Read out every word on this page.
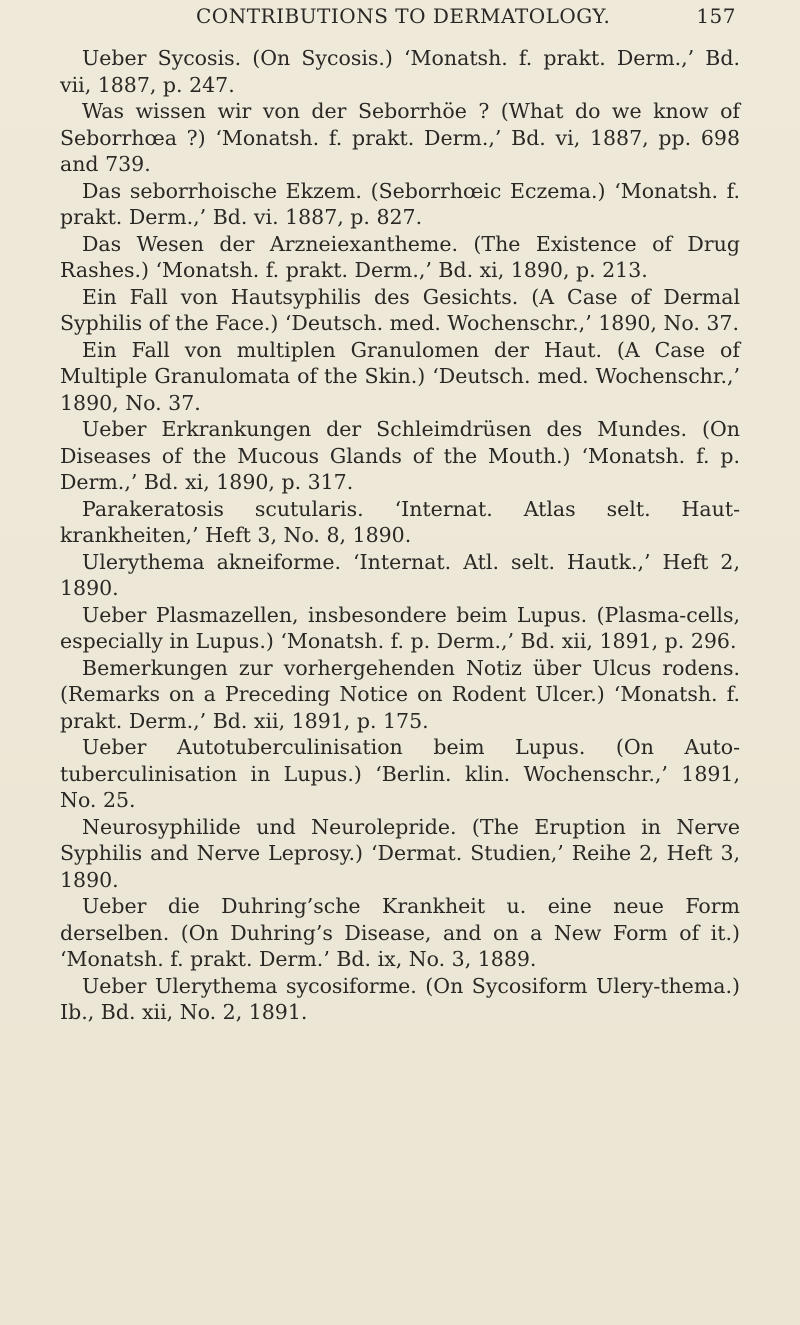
CONTRIBUTIONS TO DERMATOLOGY.	157

Ueber Sycosis. (On Sycosis.) ‘Monatsh. f. prakt. Derm.,’ Bd. vii, 1887, p. 247.

Was wissen wir von der Seborrhöe ? (What do we know of Seborrhœa ?) ‘Monatsh. f. prakt. Derm.,’ Bd. vi, 1887, pp. 698 and 739.

Das seborrhoische Ekzem. (Seborrhœic Eczema.) ‘Monatsh. f. prakt. Derm.,’ Bd. vi. 1887, p. 827.

Das Wesen der Arzneiexantheme. (The Existence of Drug Rashes.) ‘Monatsh. f. prakt. Derm.,’ Bd. xi, 1890, p. 213.

Ein Fall von Hautsyphilis des Gesichts. (A Case of Dermal Syphilis of the Face.) ‘Deutsch. med. Wochenschr.,’ 1890, No. 37.

Ein Fall von multiplen Granulomen der Haut. (A Case of Multiple Granulomata of the Skin.) ‘Deutsch. med. Wochenschr.,’ 1890, No. 37.

Ueber Erkrankungen der Schleimdrüsen des Mundes. (On Diseases of the Mucous Glands of the Mouth.) ‘Monatsh. f. p. Derm.,’ Bd. xi, 1890, p. 317.

Parakeratosis scutularis. ‘Internat. Atlas selt. Haut-krankheiten,’ Heft 3, No. 8, 1890.

Ulerythema akneiforme. ‘Internat. Atl. selt. Hautk.,’ Heft 2, 1890.

Ueber Plasmazellen, insbesondere beim Lupus. (Plasma-cells, especially in Lupus.) ‘Monatsh. f. p. Derm.,’ Bd. xii, 1891, p. 296.

Bemerkungen zur vorhergehenden Notiz über Ulcus rodens. (Remarks on a Preceding Notice on Rodent Ulcer.) ‘Monatsh. f. prakt. Derm.,’ Bd. xii, 1891, p. 175.

Ueber Autotuberculinisation beim Lupus. (On Auto-tuberculinisation in Lupus.) ‘Berlin. klin. Wochenschr.,’ 1891, No. 25.

Neurosyphilide und Neurolepride. (The Eruption in Nerve Syphilis and Nerve Leprosy.) ‘Dermat. Studien,’ Reihe 2, Heft 3, 1890.

Ueber die Duhring’sche Krankheit u. eine neue Form derselben. (On Duhring’s Disease, and on a New Form of it.) ‘Monatsh. f. prakt. Derm.’ Bd. ix, No. 3, 1889.

Ueber Ulerythema sycosiforme. (On Sycosiform Ulery-thema.) Ib., Bd. xii, No. 2, 1891.
